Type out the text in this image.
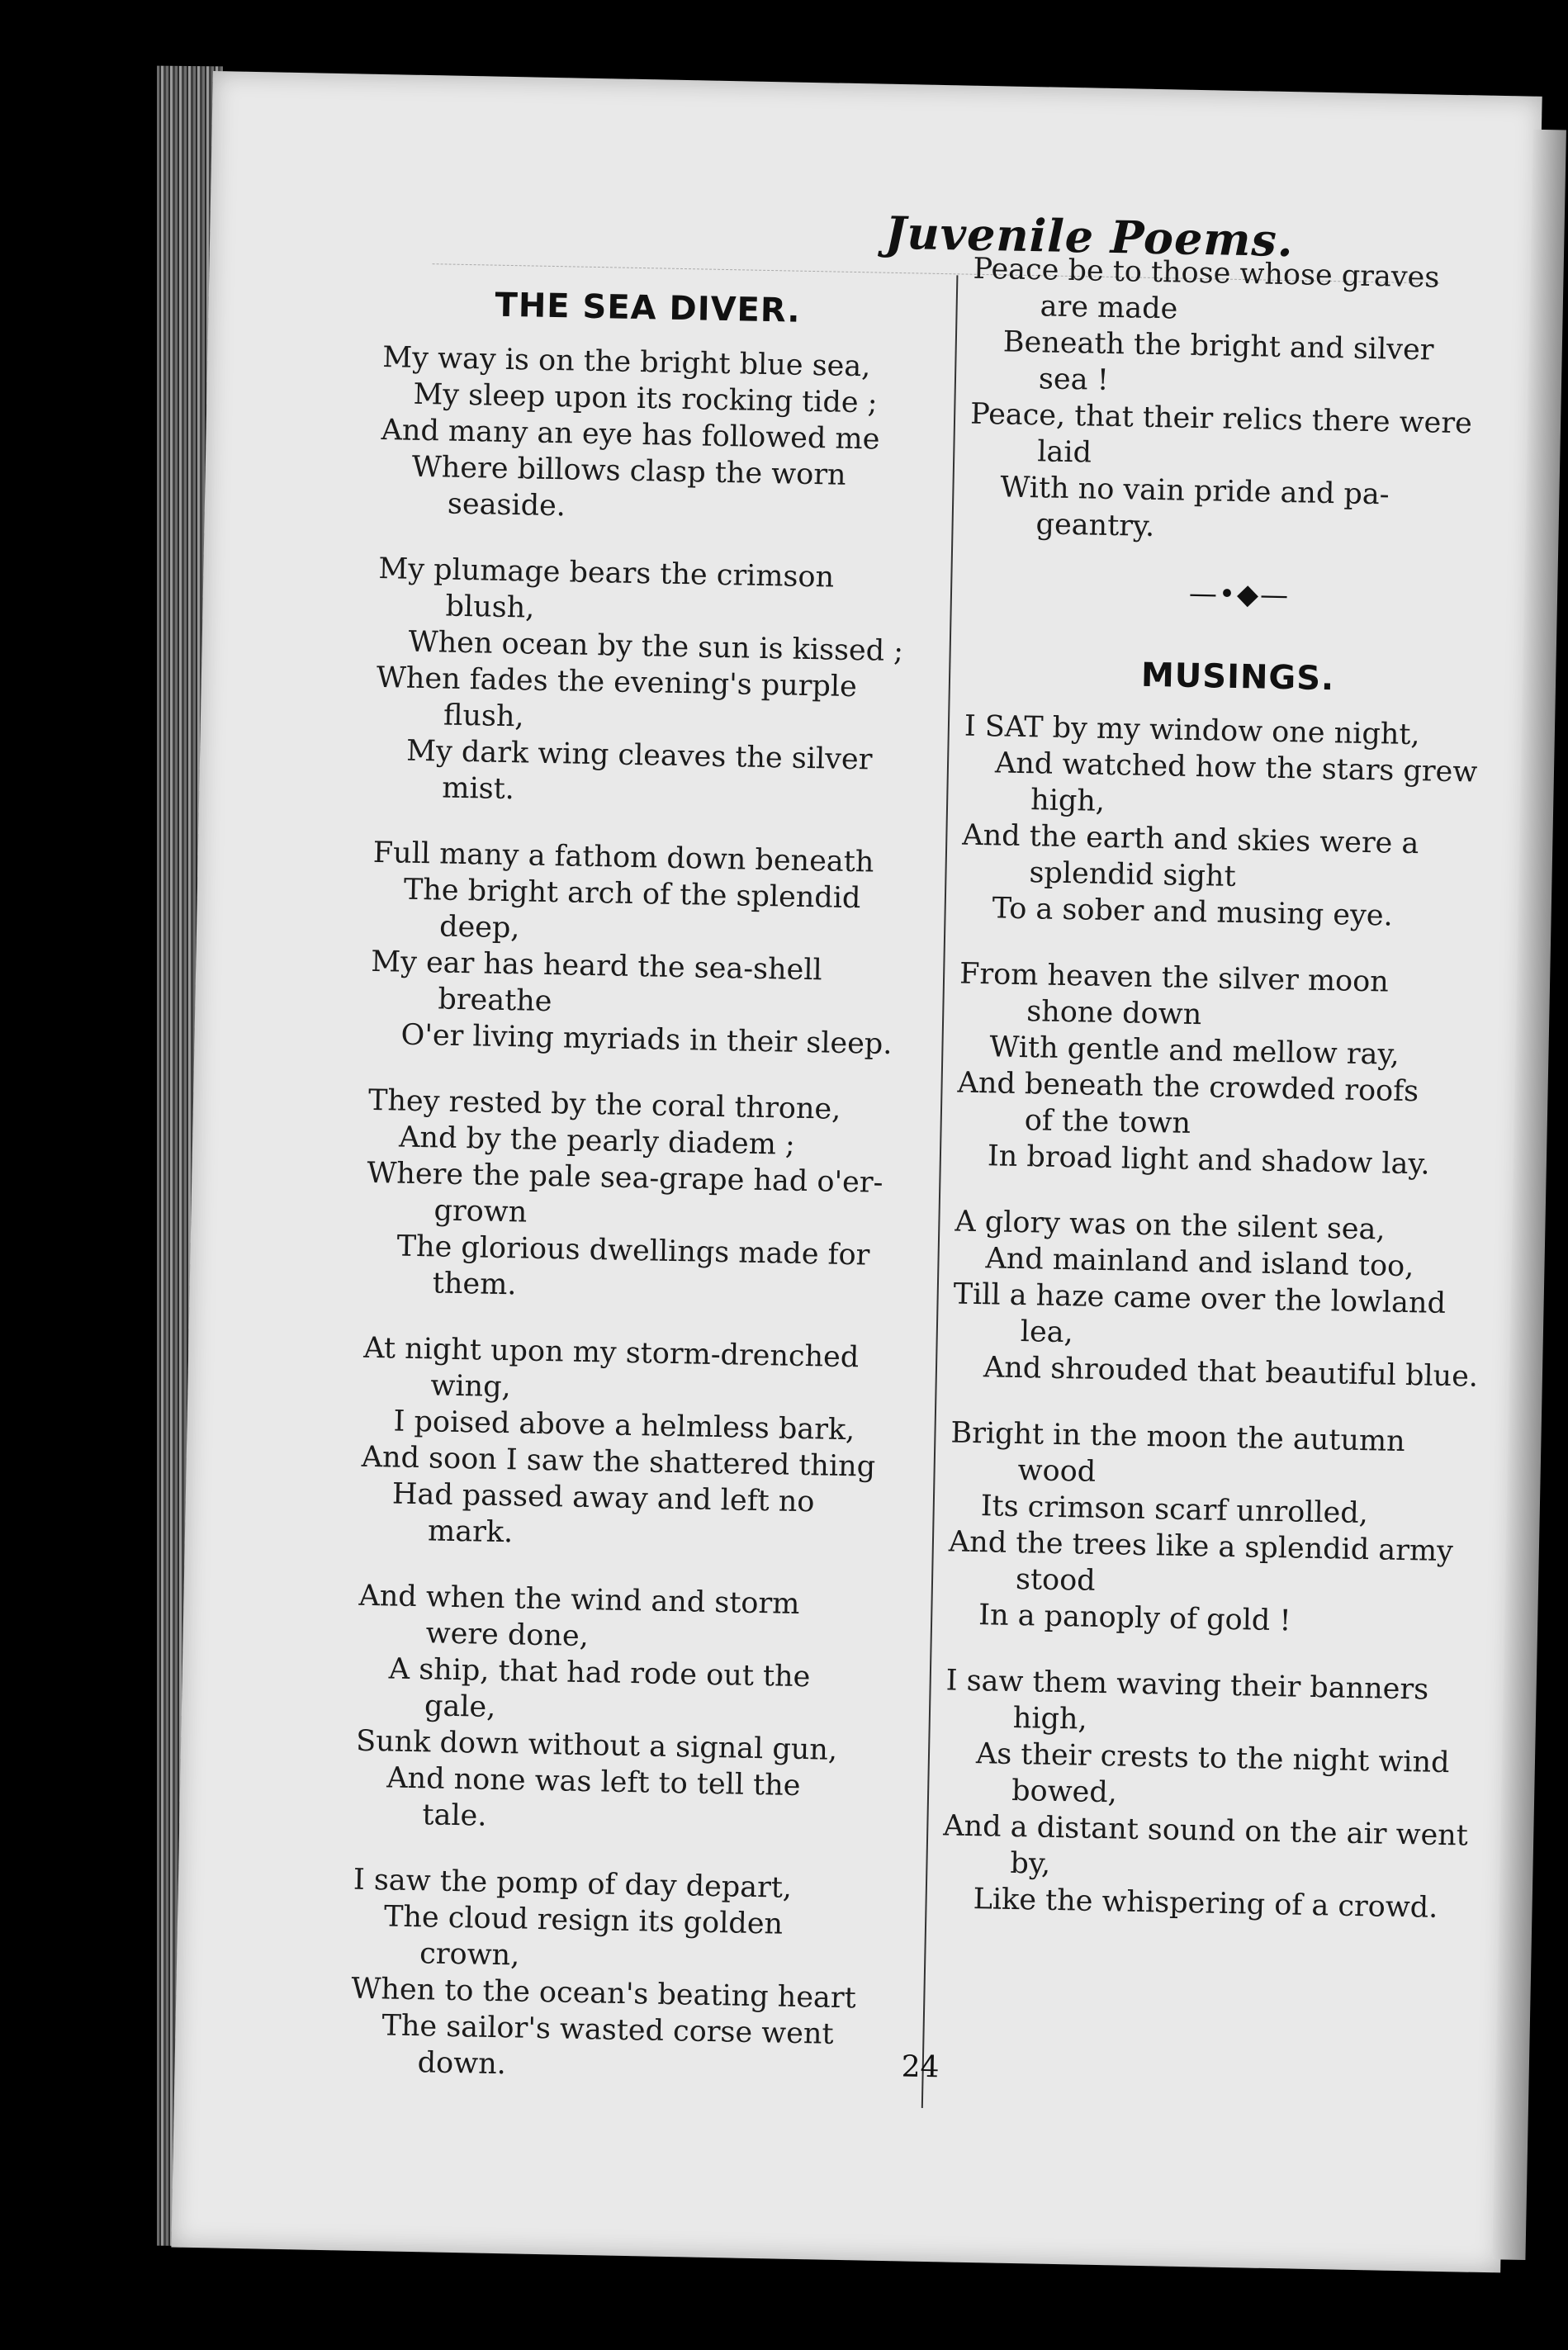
Juvenile Poems.
THE SEA DIVER.
My way is on the bright blue sea,
My sleep upon its rocking tide ;
And many an eye has followed me
Where billows clasp the worn
seaside.
My plumage bears the crimson
blush,
When ocean by the sun is kissed ;
When fades the evening's purple
flush,
My dark wing cleaves the silver
mist.
Full many a fathom down beneath
The bright arch of the splendid
deep,
My ear has heard the sea-shell
breathe
O'er living myriads in their sleep.
They rested by the coral throne,
And by the pearly diadem ;
Where the pale sea-grape had o'er-
grown
The glorious dwellings made for
them.
At night upon my storm-drenched
wing,
I poised above a helmless bark,
And soon I saw the shattered thing
Had passed away and left no
mark.
And when the wind and storm
were done,
A ship, that had rode out the
gale,
Sunk down without a signal gun,
And none was left to tell the
tale.
I saw the pomp of day depart,
The cloud resign its golden
crown,
When to the ocean's beating heart
The sailor's wasted corse went
down.
Peace be to those whose graves
are made
Beneath the bright and silver
sea !
Peace, that their relics there were
laid
With no vain pride and pa-
geantry.
—•◆—
MUSINGS.
I SAT by my window one night,
And watched how the stars grew
high,
And the earth and skies were a
splendid sight
To a sober and musing eye.
From heaven the silver moon
shone down
With gentle and mellow ray,
And beneath the crowded roofs
of the town
In broad light and shadow lay.
A glory was on the silent sea,
And mainland and island too,
Till a haze came over the lowland
lea,
And shrouded that beautiful blue.
Bright in the moon the autumn
wood
Its crimson scarf unrolled,
And the trees like a splendid army
stood
In a panoply of gold !
I saw them waving their banners
high,
As their crests to the night wind
bowed,
And a distant sound on the air went
by,
Like the whispering of a crowd.
24
